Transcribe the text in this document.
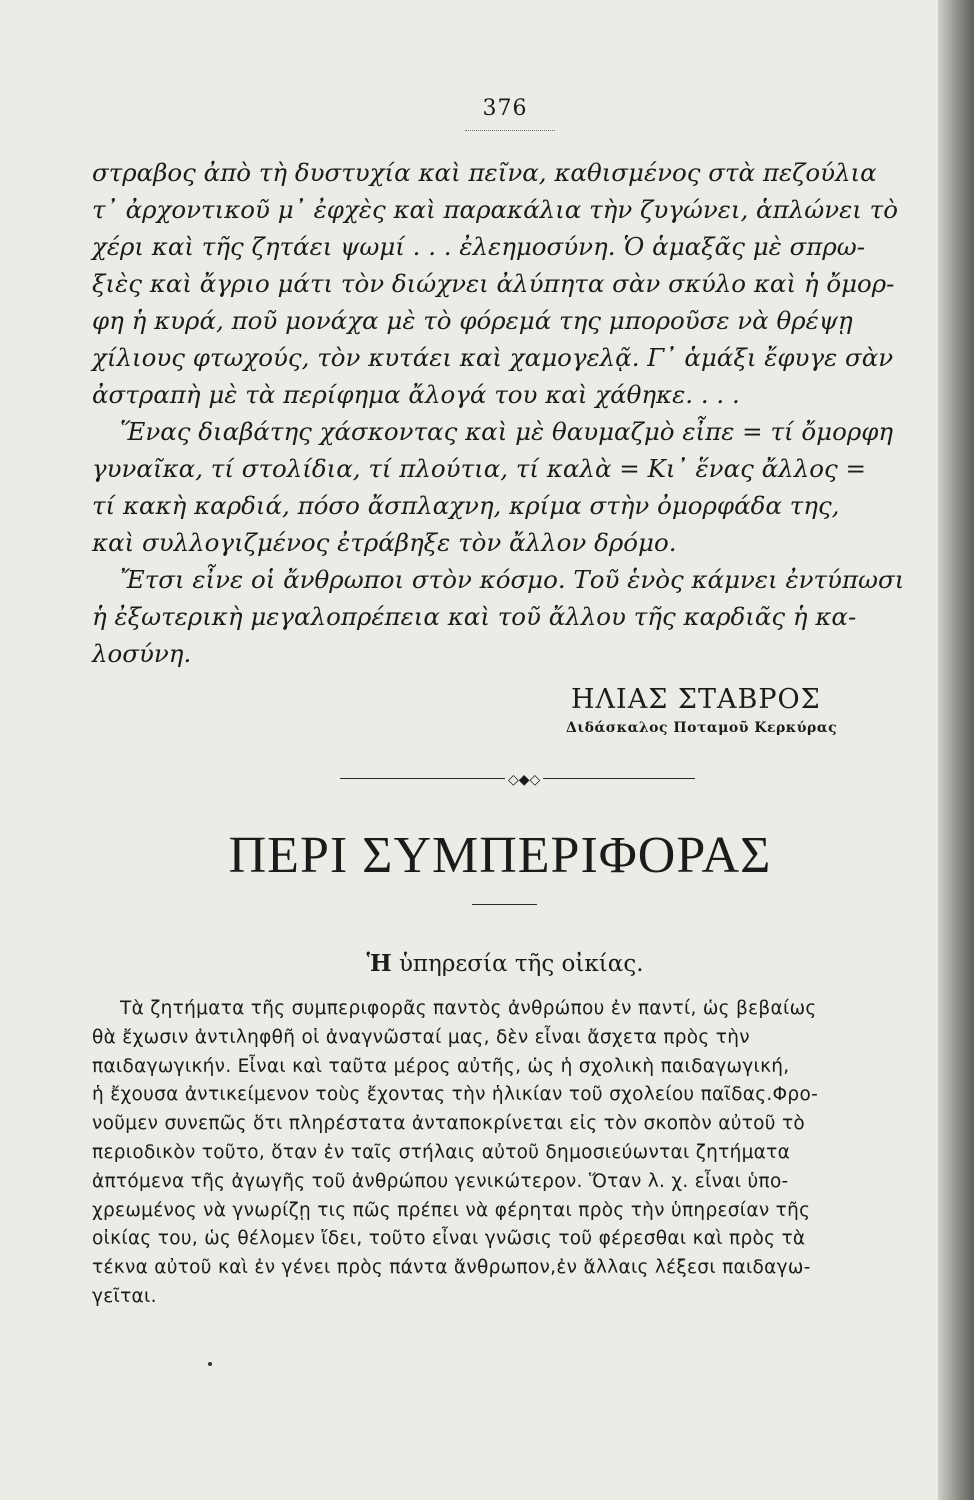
376
στραβος ἀπὸ τὴ δυστυχία καὶ πεῖνα, καθισμένος στὰ πεζούλια
τ᾽ ἀρχοντικοῦ μ᾽ ἐφχὲς καὶ παρακάλια τὴν ζυγώνει, ἁπλώνει τὸ
χέρι καὶ τῆς ζητάει ψωμί . . . ἐλεημοσύνη. Ὁ ἁμαξᾶς μὲ σπρω-
ξιὲς καὶ ἄγριο μάτι τὸν διώχνει ἀλύπητα σὰν σκύλο καὶ ἡ ὄμορ-
φη ἡ κυρά, ποῦ μονάχα μὲ τὸ φόρεμά της μποροῦσε νὰ θρέψῃ
χίλιους φτωχούς, τὸν κυτάει καὶ χαμογελᾷ. Γ᾽ ἁμάξι ἔφυγε σὰν
ἀστραπὴ μὲ τὰ περίφημα ἄλογά του καὶ χάθηκε. . . .
Ἕνας διαβάτης χάσκοντας καὶ μὲ θαυμαζμὸ εἶπε = τί ὄμορφη
γυναῖκα, τί στολίδια, τί πλούτια, τί καλὰ = Κι᾽ ἕνας ἄλλος =
τί κακὴ καρδιά, πόσο ἄσπλαχνη, κρίμα στὴν ὀμορφάδα της,
καὶ συλλογιζμένος ἐτράβηξε τὸν ἄλλον δρόμο.
Ἔτσι εἶνε οἱ ἄνθρωποι στὸν κόσμο. Τοῦ ἑνὸς κάμνει ἐντύπωσι
ἡ ἐξωτερικὴ μεγαλοπρέπεια καὶ τοῦ ἄλλου τῆς καρδιᾶς ἡ κα-
λοσύνη.
ΗΛΙΑΣ ΣΤΑΒΡΟΣ
Διδάσκαλος Ποταμοῦ Κερκύρας
◇◆◇
ΠΕΡΙ ΣΥΜΠΕΡΙΦΟΡΑΣ
Ἡ ὑπηρεσία τῆς οἰκίας.
Τὰ ζητήματα τῆς συμπεριφορᾶς παντὸς ἀνθρώπου ἐν παντί, ὡς βεβαίως
θὰ ἔχωσιν ἀντιληφθῆ οἱ ἀναγνῶσταί μας, δὲν εἶναι ἄσχετα πρὸς τὴν
παιδαγωγικήν. Εἶναι καὶ ταῦτα μέρος αὐτῆς, ὡς ἡ σχολικὴ παιδαγωγική,
ἡ ἔχουσα ἀντικείμενον τοὺς ἔχοντας τὴν ἡλικίαν τοῦ σχολείου παῖδας.Φρο-
νοῦμεν συνεπῶς ὅτι πληρέστατα ἀνταποκρίνεται εἰς τὸν σκοπὸν αὐτοῦ τὸ
περιοδικὸν τοῦτο, ὅταν ἐν ταῖς στήλαις αὐτοῦ δημοσιεύωνται ζητήματα
ἀπτόμενα τῆς ἀγωγῆς τοῦ ἀνθρώπου γενικώτερον. Ὅταν λ. χ. εἶναι ὑπο-
χρεωμένος νὰ γνωρίζῃ τις πῶς πρέπει νὰ φέρηται πρὸς τὴν ὑπηρεσίαν τῆς
οἰκίας του, ὡς θέλομεν ἴδει, τοῦτο εἶναι γνῶσις τοῦ φέρεσθαι καὶ πρὸς τὰ
τέκνα αὐτοῦ καὶ ἐν γένει πρὸς πάντα ἄνθρωπον,ἐν ἄλλαις λέξεσι παιδαγω-
γεῖται.
